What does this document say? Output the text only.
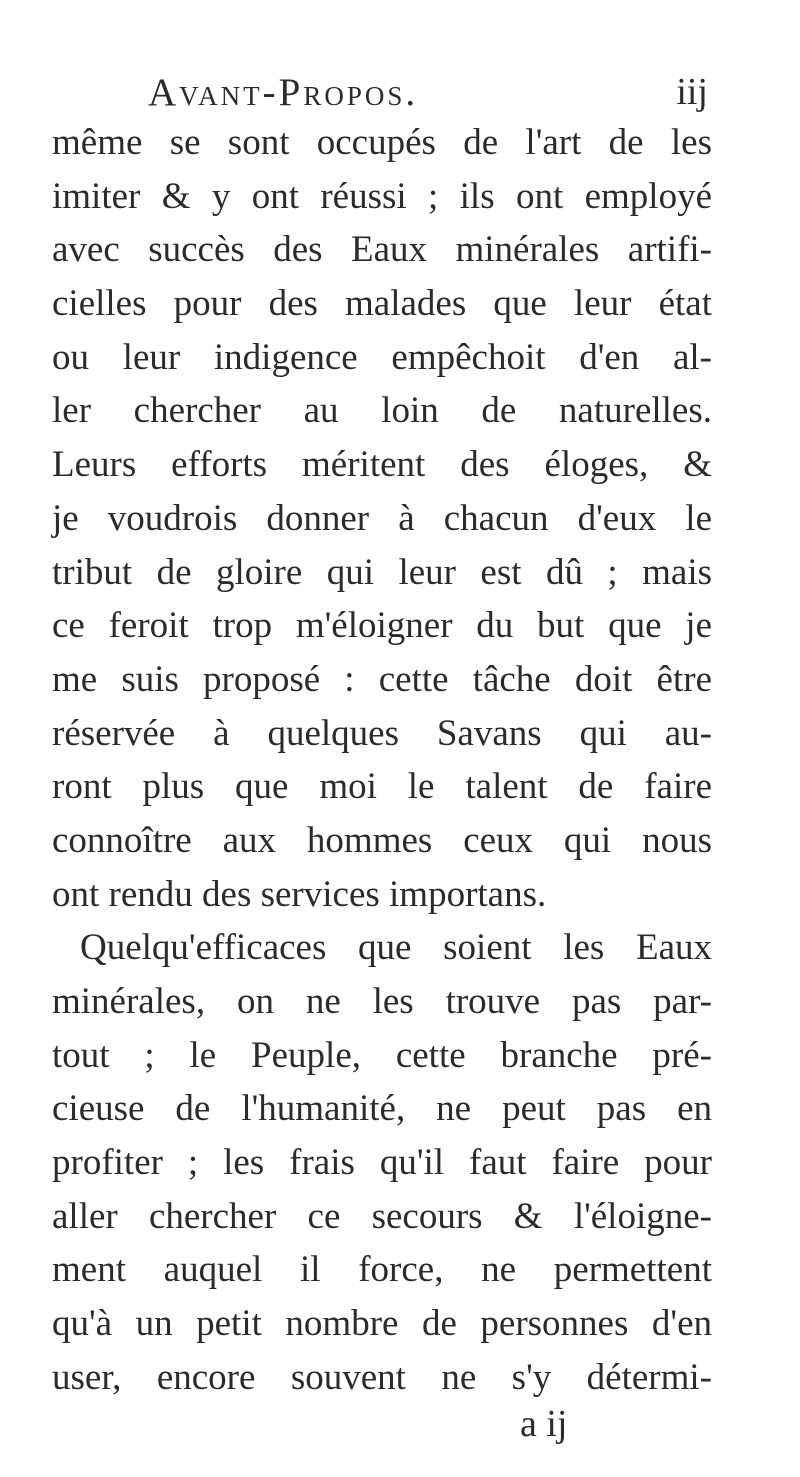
Avant-Propos.	iij
même se sont occupés de l'art de les
imiter & y ont réussi ; ils ont employé
avec succès des Eaux minérales artifi-
cielles pour des malades que leur état
ou leur indigence empêchoit d'en al-
ler chercher au loin de naturelles.
Leurs efforts méritent des éloges, &
je voudrois donner à chacun d'eux le
tribut de gloire qui leur est dû ; mais
ce feroit trop m'éloigner du but que je
me suis proposé : cette tâche doit être
réservée à quelques Savans qui au-
ront plus que moi le talent de faire
connoître aux hommes ceux qui nous
ont rendu des services importans.
Quelqu'efficaces que soient les Eaux
minérales, on ne les trouve pas par-
tout ; le Peuple, cette branche pré-
cieuse de l'humanité, ne peut pas en
profiter ; les frais qu'il faut faire pour
aller chercher ce secours & l'éloigne-
ment auquel il force, ne permettent
qu'à un petit nombre de personnes d'en
user, encore souvent ne s'y détermi-
a ij
